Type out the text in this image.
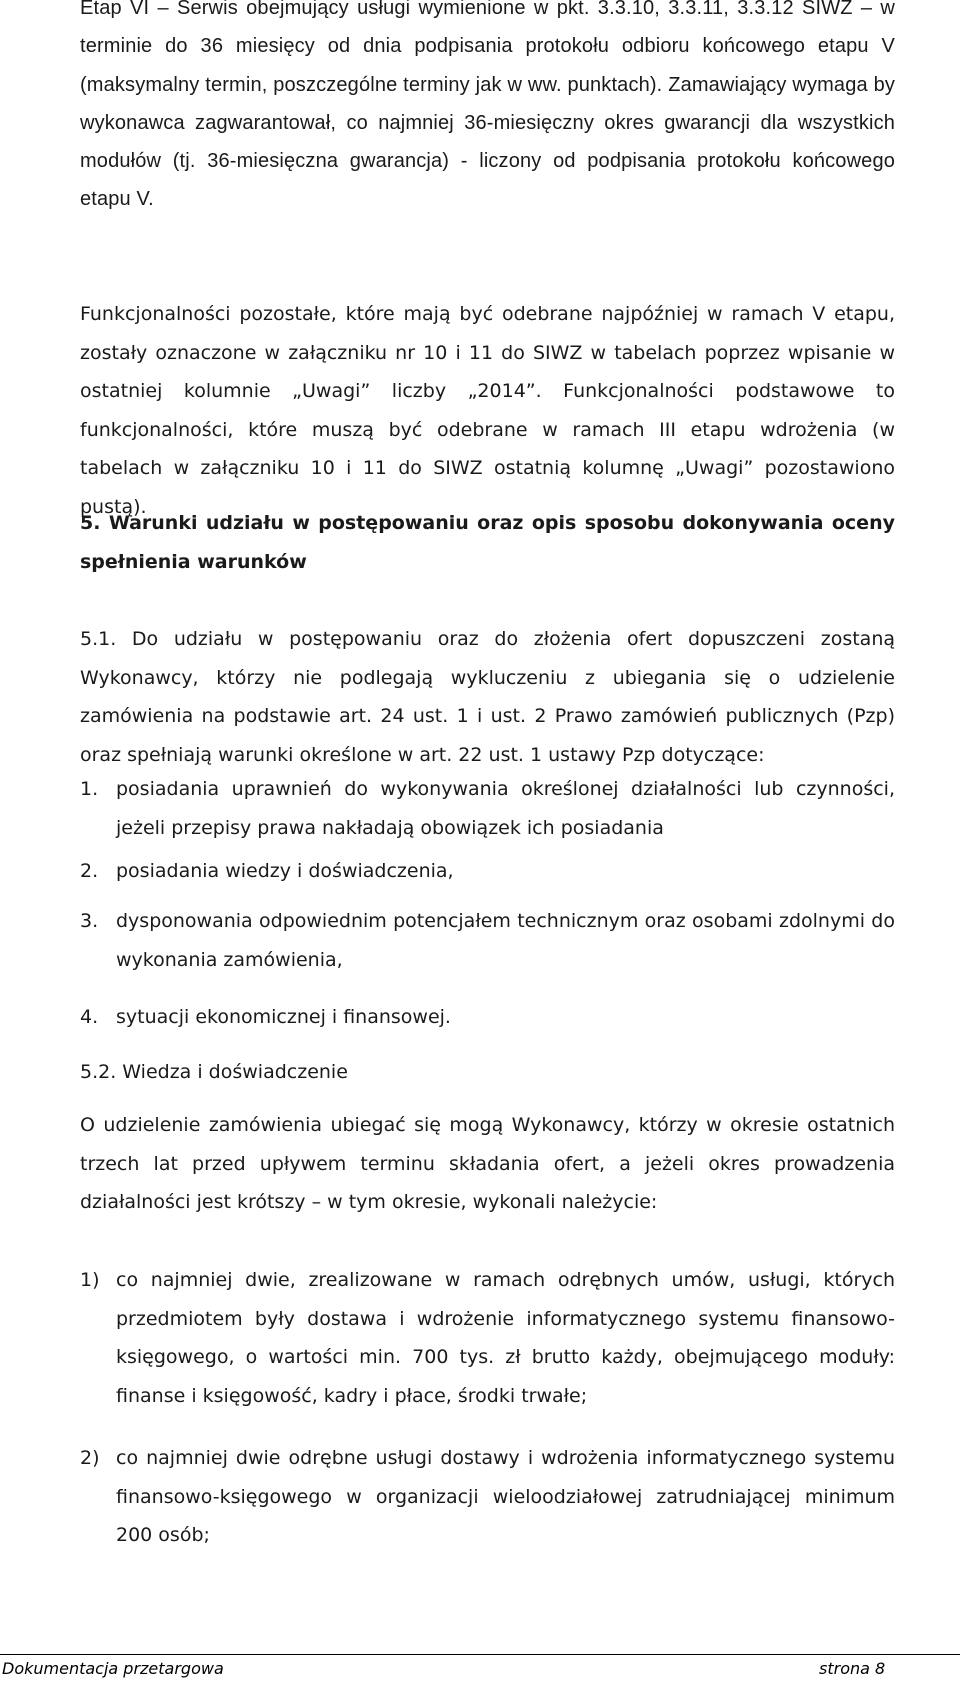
Etap VI – Serwis obejmujący usługi wymienione w pkt. 3.3.10, 3.3.11, 3.3.12 SIWZ – w terminie do 36 miesięcy od dnia podpisania protokołu odbioru końcowego etapu V (maksymalny termin, poszczególne terminy jak w ww. punktach). Zamawiający wymaga by wykonawca zagwarantował, co najmniej 36-miesięczny okres gwarancji dla wszystkich modułów (tj. 36-miesięczna gwarancja) - liczony od podpisania protokołu końcowego etapu V.

Funkcjonalności pozostałe, które mają być odebrane najpóźniej w ramach V etapu, zostały oznaczone w załączniku nr 10 i 11 do SIWZ w tabelach poprzez wpisanie w ostatniej kolumnie „Uwagi” liczby „2014”. Funkcjonalności podstawowe to funkcjonalności, które muszą być odebrane w ramach III etapu wdrożenia (w tabelach w załączniku 10 i 11 do SIWZ ostatnią kolumnę „Uwagi” pozostawiono pustą).

5. Warunki udziału w postępowaniu oraz opis sposobu dokonywania oceny spełnienia warunków

5.1. Do udziału w postępowaniu oraz do złożenia ofert dopuszczeni zostaną Wykonawcy, którzy nie podlegają wykluczeniu z ubiegania się o udzielenie zamówienia na podstawie art. 24 ust. 1 i ust. 2 Prawo zamówień publicznych (Pzp) oraz spełniają warunki określone w art. 22 ust. 1 ustawy Pzp dotyczące:

1. posiadania uprawnień do wykonywania określonej działalności lub czynności, jeżeli przepisy prawa nakładają obowiązek ich posiadania
2. posiadania wiedzy i doświadczenia,
3. dysponowania odpowiednim potencjałem technicznym oraz osobami zdolnymi do wykonania zamówienia,
4. sytuacji ekonomicznej i finansowej.

5.2. Wiedza i doświadczenie

O udzielenie zamówienia ubiegać się mogą Wykonawcy, którzy w okresie ostatnich trzech lat przed upływem terminu składania ofert, a jeżeli okres prowadzenia działalności jest krótszy – w tym okresie, wykonali należycie:

1) co najmniej dwie, zrealizowane w ramach odrębnych umów, usługi, których przedmiotem były dostawa i wdrożenie informatycznego systemu finansowo-księgowego, o wartości min. 700 tys. zł brutto każdy, obejmującego moduły: finanse i księgowość, kadry i płace, środki trwałe;
2) co najmniej dwie odrębne usługi dostawy i wdrożenia informatycznego systemu finansowo-księgowego w organizacji wieloodziałowej zatrudniającej minimum 200 osób;
Dokumentacja przetargowa	strona 8
